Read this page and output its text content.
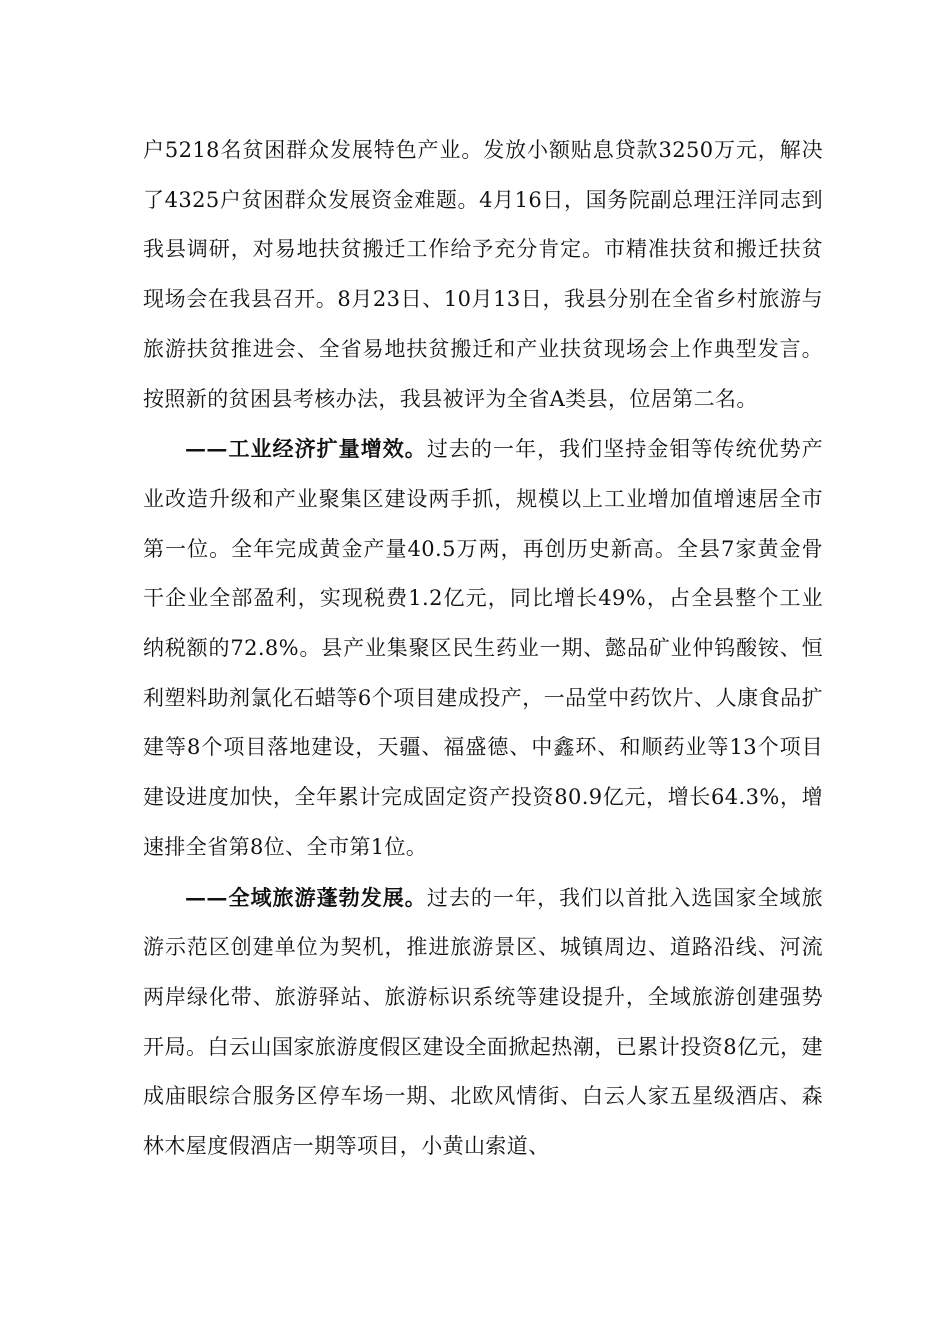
户5218名贫困群众发展特色产业。发放小额贴息贷款3250万元，解决了4325户贫困群众发展资金难题。4月16日，国务院副总理汪洋同志到我县调研，对易地扶贫搬迁工作给予充分肯定。市精准扶贫和搬迁扶贫现场会在我县召开。8月23日、10月13日，我县分别在全省乡村旅游与旅游扶贫推进会、全省易地扶贫搬迁和产业扶贫现场会上作典型发言。按照新的贫困县考核办法，我县被评为全省A类县，位居第二名。

——工业经济扩量增效。过去的一年，我们坚持金钼等传统优势产业改造升级和产业聚集区建设两手抓，规模以上工业增加值增速居全市第一位。全年完成黄金产量40.5万两，再创历史新高。全县7家黄金骨干企业全部盈利，实现税费1.2亿元，同比增长49%，占全县整个工业纳税额的72.8%。县产业集聚区民生药业一期、懿品矿业仲钨酸铵、恒利塑料助剂氯化石蜡等6个项目建成投产，一品堂中药饮片、人康食品扩建等8个项目落地建设，天疆、福盛德、中鑫环、和顺药业等13个项目建设进度加快，全年累计完成固定资产投资80.9亿元，增长64.3%，增速排全省第8位、全市第1位。

——全域旅游蓬勃发展。过去的一年，我们以首批入选国家全域旅游示范区创建单位为契机，推进旅游景区、城镇周边、道路沿线、河流两岸绿化带、旅游驿站、旅游标识系统等建设提升，全域旅游创建强势开局。白云山国家旅游度假区建设全面掀起热潮，已累计投资8亿元，建成庙眼综合服务区停车场一期、北欧风情街、白云人家五星级酒店、森林木屋度假酒店一期等项目，小黄山索道、
